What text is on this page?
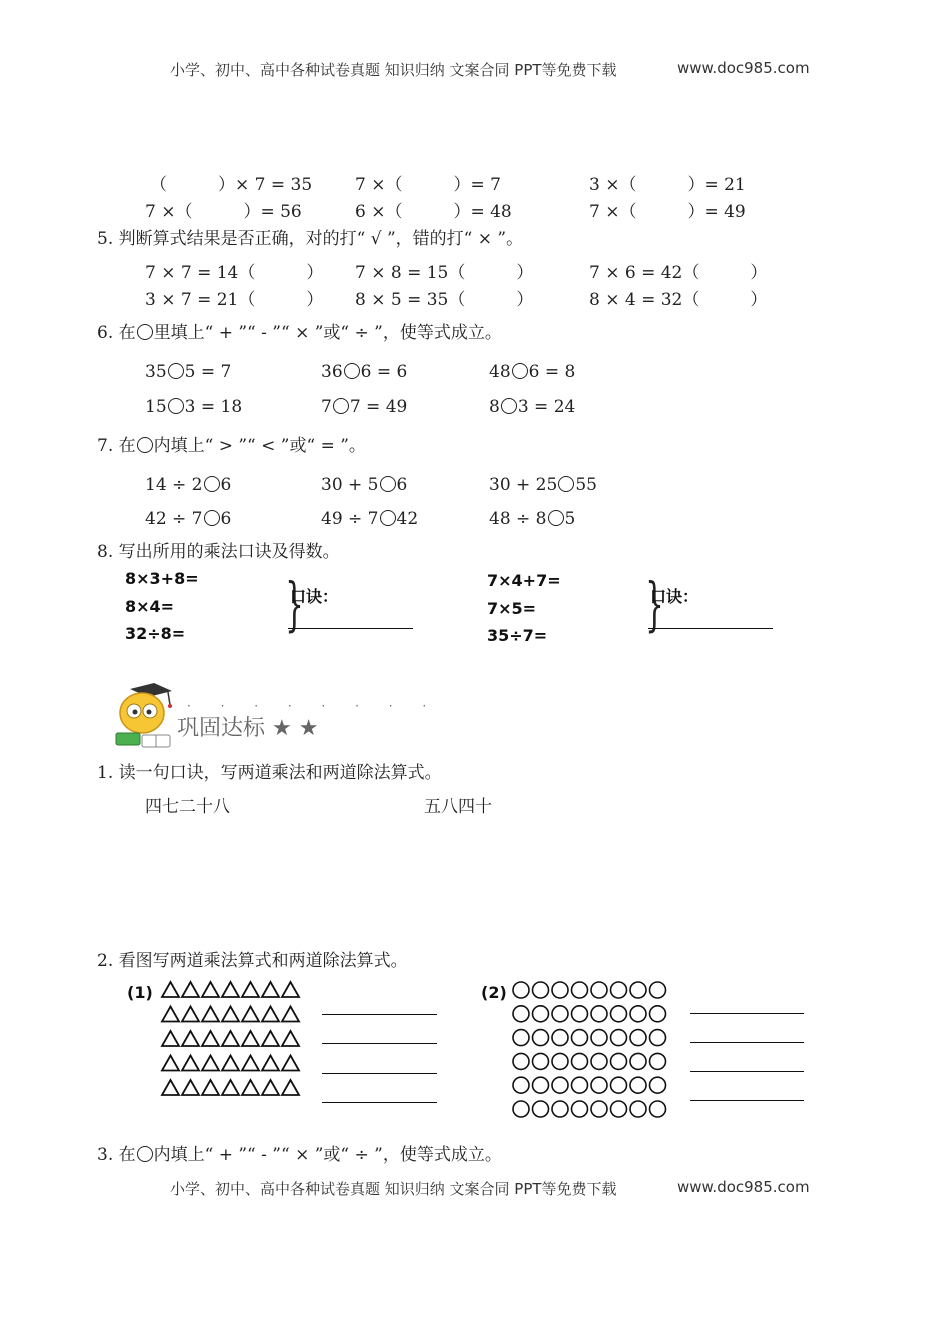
小学、初中、高中各种试卷真题 知识归纳 文案合同 PPT等免费下载	www.doc985.com
（　　　）× 7 = 35	7 ×（　　　）= 7	3 ×（　　　）= 21
7 ×（　　　）= 56	6 ×（　　　）= 48	7 ×（　　　）= 49
5. 判断算式结果是否正确，对的打“ √ ”，错的打“ × ”。
7 × 7 = 14（　　　） 7 × 8 = 15（　　　）	7 × 6 = 42（　　　）
3 × 7 = 21（　　　） 8 × 5 = 35（　　　）	8 × 4 = 32（　　　）
6. 在 里填上“ + ”“ - ”“ × ”或“ ÷ ”，使等式成立。
35 5 = 7	36 6 = 6	48 6 = 8
15 3 = 18	7 7 = 49	8 3 = 24
7. 在 内填上“ > ”“ < ”或“ = ”。
14 ÷ 2 6	30 + 5 6	30 + 25 55
42 ÷ 7 6	49 ÷ 7 42	48 ÷ 8 5
8. 写出所用的乘法口诀及得数。
8×3+8=
8×4=
32÷8= }
口诀：
7×4+7=
7×5=
35÷7= }
口诀：
· · · · · · · ·
巩固达标 ★ ★
1. 读一句口诀，写两道乘法和两道除法算式。
四七二十八	五八四十
2. 看图写两道乘法算式和两道除法算式。
(1)	(2)
3. 在 内填上“ + ”“ - ”“ × ”或“ ÷ ”，使等式成立。
小学、初中、高中各种试卷真题 知识归纳 文案合同 PPT等免费下载	www.doc985.com
